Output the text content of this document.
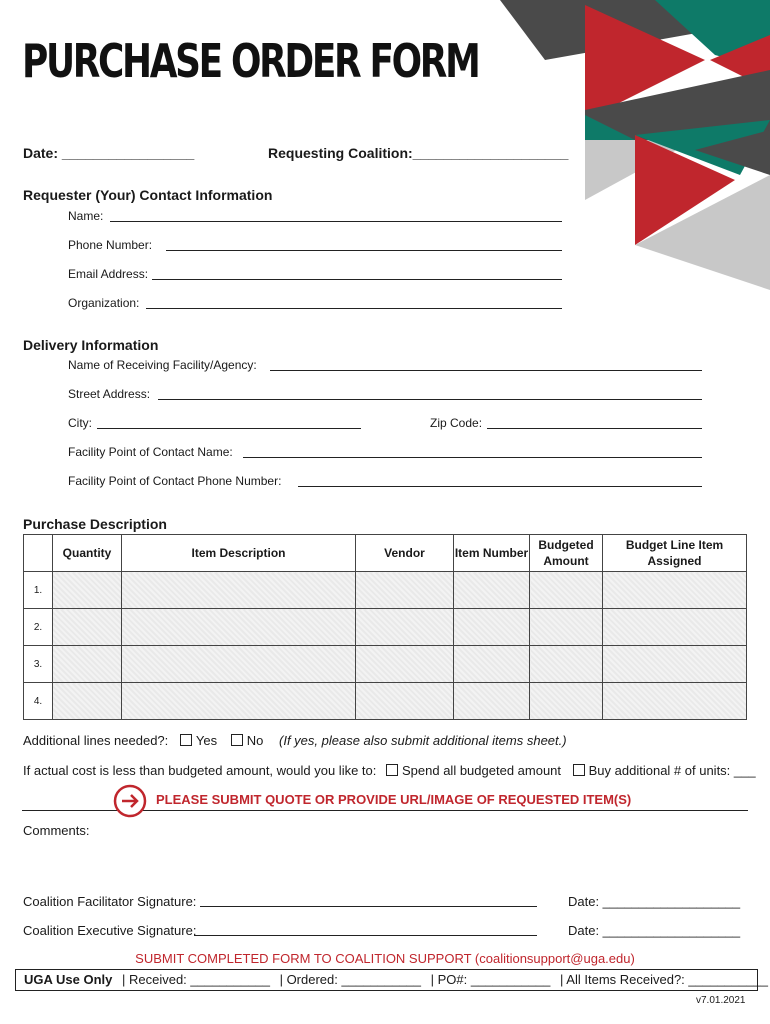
PURCHASE ORDER FORM
Date: _________________	Requesting Coalition:____________________
Requester (Your) Contact Information
Name:
Phone Number:
Email Address:
Organization:
Delivery Information
Name of Receiving Facility/Agency:
Street Address:
City:	Zip Code:
Facility Point of Contact Name:
Facility Point of Contact Phone Number:
Purchase Description
	Quantity	Item Description	Vendor	Item Number	Budgeted Amount	Budget Line Item Assigned
1.						
2.						
3.						
4.						
Additional lines needed?: Yes No (If yes, please also submit additional items sheet.)
If actual cost is less than budgeted amount, would you like to: Spend all budgeted amount Buy additional # of units: ___
PLEASE SUBMIT QUOTE OR PROVIDE URL/IMAGE OF REQUESTED ITEM(S)
Comments:
Coalition Facilitator Signature:	Date: ___________________
Coalition Executive Signature:	Date: ___________________
SUBMIT COMPLETED FORM TO COALITION SUPPORT (coalitionsupport@uga.edu)
UGA Use Only | Received: ___________ | Ordered: ___________ | PO#: ___________ | All Items Received?: ___________
v7.01.2021
